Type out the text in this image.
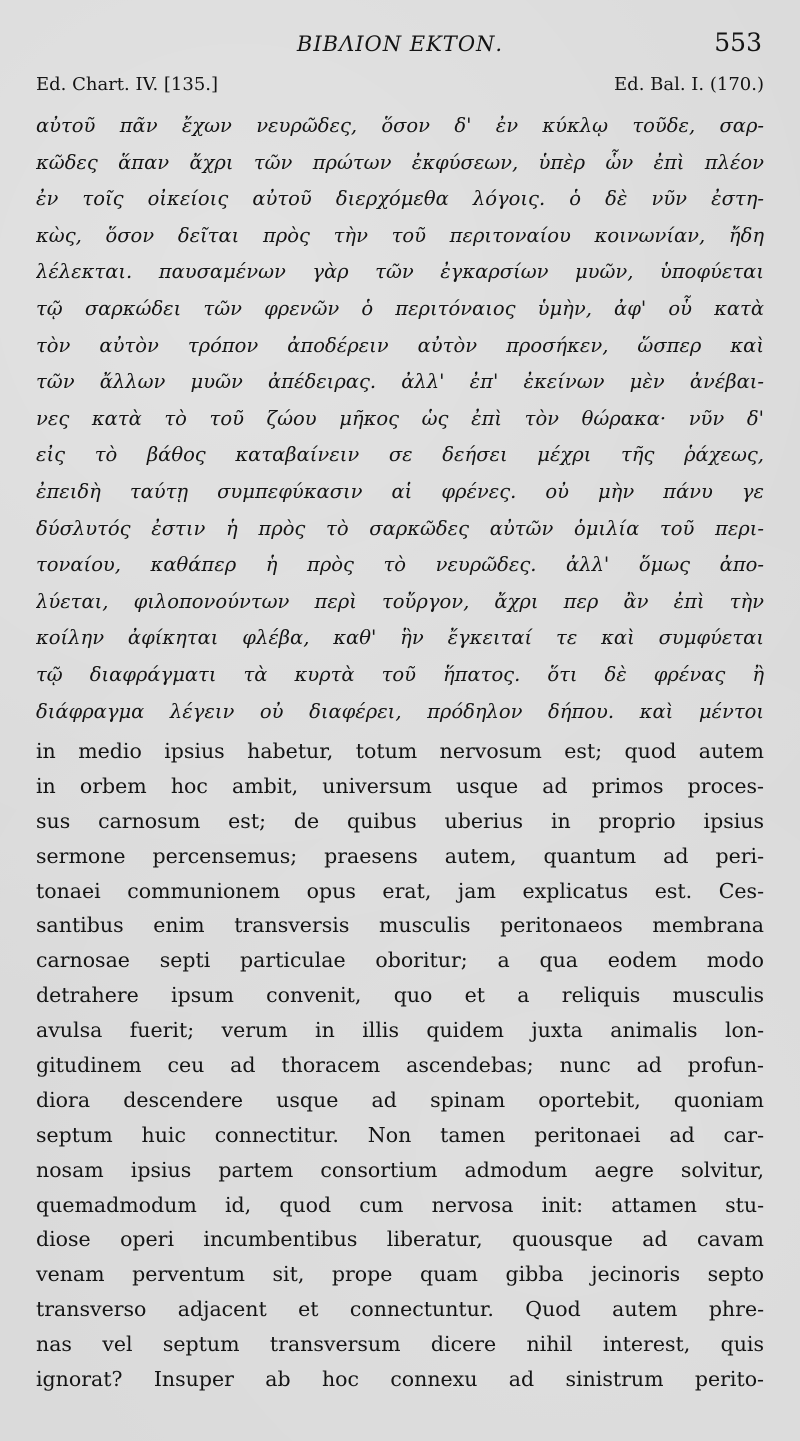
ΒΙΒΛΙΟΝ ΕΚΤΟΝ.	553
Ed. Chart. IV. [135.]	Ed. Bal. I. (170.)
αὐτοῦ πᾶν ἔχων νευρῶδες, ὅσον δ' ἐν κύκλῳ τοῦδε, σαρ-
κῶδες ἅπαν ἄχρι τῶν πρώτων ἐκφύσεων, ὑπὲρ ὧν ἐπὶ πλέον
ἐν τοῖς οἰκείοις αὐτοῦ διερχόμεθα λόγοις. ὁ δὲ νῦν ἐστη-
κὼς, ὅσον δεῖται πρὸς τὴν τοῦ περιτοναίου κοινωνίαν, ἤδη
λέλεκται. παυσαμένων γὰρ τῶν ἐγκαρσίων μυῶν, ὑποφύεται
τῷ σαρκώδει τῶν φρενῶν ὁ περιτόναιος ὑμὴν, ἀφ' οὗ κατὰ
τὸν αὐτὸν τρόπον ἀποδέρειν αὐτὸν προσήκεν, ὥσπερ καὶ
τῶν ἄλλων μυῶν ἀπέδειρας. ἀλλ' ἐπ' ἐκείνων μὲν ἀνέβαι-
νες κατὰ τὸ τοῦ ζώου μῆκος ὡς ἐπὶ τὸν θώρακα· νῦν δ'
εἰς τὸ βάθος καταβαίνειν σε δεήσει μέχρι τῆς ῥάχεως,
ἐπειδὴ ταύτῃ συμπεφύκασιν αἱ φρένες. οὐ μὴν πάνυ γε
δύσλυτός ἐστιν ἡ πρὸς τὸ σαρκῶδες αὐτῶν ὁμιλία τοῦ περι-
τοναίου, καθάπερ ἡ πρὸς τὸ νευρῶδες. ἀλλ' ὅμως ἀπο-
λύεται, φιλοπονούντων περὶ τοὔργον, ἄχρι περ ἂν ἐπὶ τὴν
κοίλην ἀφίκηται φλέβα, καθ' ἣν ἔγκειταί τε καὶ συμφύεται
τῷ διαφράγματι τὰ κυρτὰ τοῦ ἥπατος. ὅτι δὲ φρένας ἢ
διάφραγμα λέγειν οὐ διαφέρει, πρόδηλον δήπου. καὶ μέντοι
in medio ipsius habetur, totum nervosum est; quod autem
in orbem hoc ambit, universum usque ad primos proces-
sus carnosum est; de quibus uberius in proprio ipsius
sermone percensemus; praesens autem, quantum ad peri-
tonaei communionem opus erat, jam explicatus est. Ces-
santibus enim transversis musculis peritonaeos membrana
carnosae septi particulae oboritur; a qua eodem modo
detrahere ipsum convenit, quo et a reliquis musculis
avulsa fuerit; verum in illis quidem juxta animalis lon-
gitudinem ceu ad thoracem ascendebas; nunc ad profun-
diora descendere usque ad spinam oportebit, quoniam
septum huic connectitur. Non tamen peritonaei ad car-
nosam ipsius partem consortium admodum aegre solvitur,
quemadmodum id, quod cum nervosa init: attamen stu-
diose operi incumbentibus liberatur, quousque ad cavam
venam perventum sit, prope quam gibba jecinoris septo
transverso adjacent et connectuntur. Quod autem phre-
nas vel septum transversum dicere nihil interest, quis
ignorat? Insuper ab hoc connexu ad sinistrum perito-
